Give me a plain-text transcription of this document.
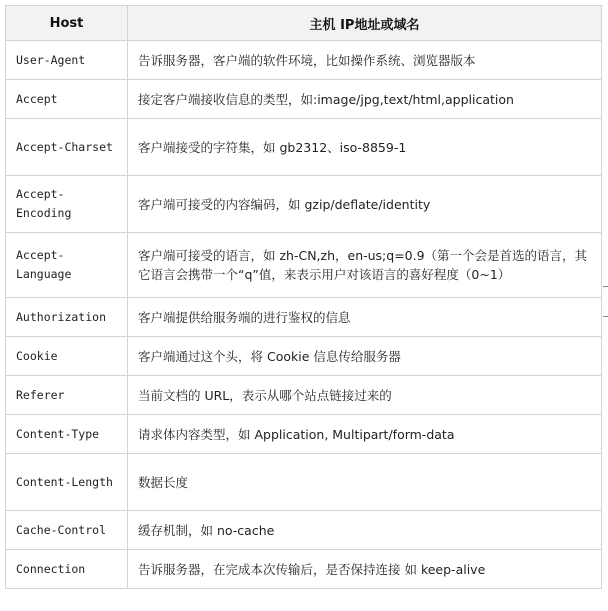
Host	主机 IP地址或域名
User-Agent	告诉服务器，客户端的软件环境，比如操作系统、浏览器版本
Accept	接定客户端接收信息的类型，如:image/jpg,text/html,application
Accept-Charset	客户端接受的字符集，如 gb2312、iso-8859-1
Accept-Encoding	客户端可接受的内容编码，如 gzip/deflate/identity
Accept-Language	客户端可接受的语言，如 zh-CN,zh，en-us;q=0.9（第一个会是首选的语言，其它语言会携带一个“q”值，来表示用户对该语言的喜好程度（0~1）
Authorization	客户端提供给服务端的进行鉴权的信息
Cookie	客户端通过这个头，将 Cookie 信息传给服务器
Referer	当前文档的 URL，表示从哪个站点链接过来的
Content-Type	请求体内容类型，如 Application, Multipart/form-data
Content-Length	数据长度
Cache-Control	缓存机制，如 no-cache
Connection	告诉服务器，在完成本次传输后，是否保持连接 如 keep-alive
